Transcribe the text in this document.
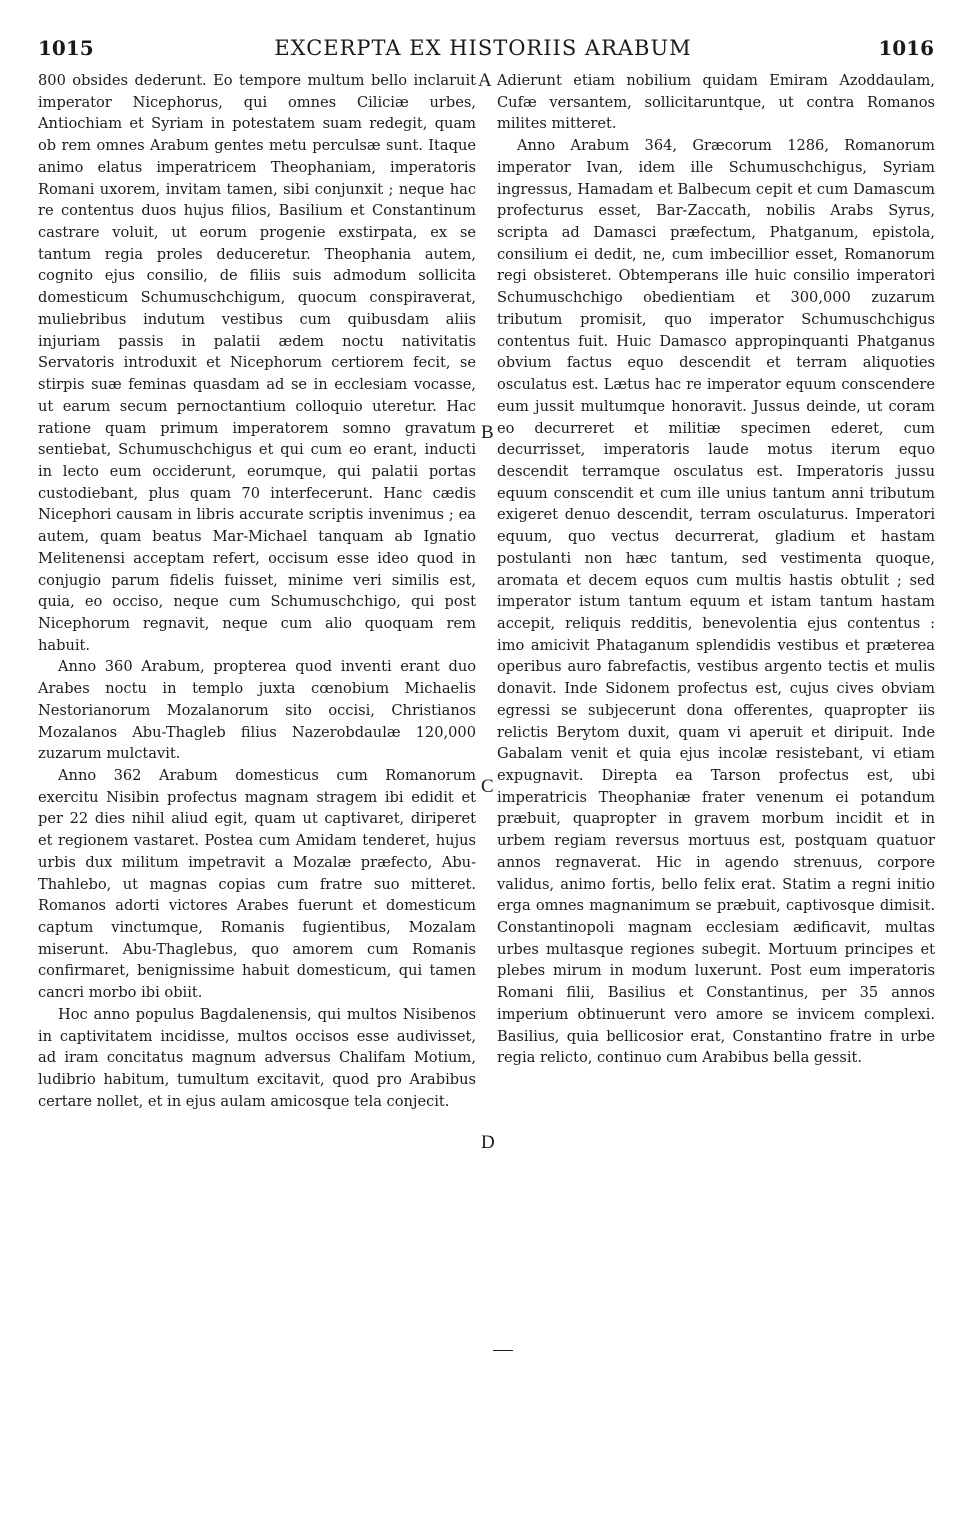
1015	EXCERPTA EX HISTORIIS ARABUM	1016

800 obsides dederunt. Eo tempore multum bello inclaruit imperator Nicephorus, qui omnes Ciliciæ urbes, Antiochiam et Syriam in potestatem suam redegit, quam ob rem omnes Arabum gentes metu perculsæ sunt. Itaque animo elatus imperatricem Theophaniam, imperatoris Romani uxorem, invitam tamen, sibi conjunxit ; neque hac re contentus duos hujus filios, Basilium et Constantinum castrare voluit, ut eorum progenie exstirpata, ex se tantum regia proles deduceretur. Theophania autem, cognito ejus consilio, de filiis suis admodum sollicita domesticum Schumuschchigum, quocum conspiraverat, muliebribus indutum vestibus cum quibusdam aliis injuriam passis in palatii ædem noctu nativitatis Servatoris introduxit et Nicephorum certiorem fecit, se stirpis suæ feminas quasdam ad se in ecclesiam vocasse, ut earum secum pernoctantium colloquio uteretur. Hac ratione quam primum imperatorem somno gravatum sentiebat, Schumuschchigus et qui cum eo erant, inducti in lecto eum occiderunt, eorumque, qui palatii portas custodiebant, plus quam 70 interfecerunt. Hanc cædis Nicephori causam in libris accurate scriptis invenimus ; ea autem, quam beatus Mar-Michael tanquam ab Ignatio Melitenensi acceptam refert, occisum esse ideo quod in conjugio parum fidelis fuisset, minime veri similis est, quia, eo occiso, neque cum Schumuschchigo, qui post Nicephorum regnavit, neque cum alio quoquam rem habuit.

Anno 360 Arabum, propterea quod inventi erant duo Arabes noctu in templo juxta cœnobium Michaelis Nestorianorum Mozalanorum sito occisi, Christianos Mozalanos Abu-Thagleb filius Nazerobdaulæ 120,000 zuzarum mulctavit.

Anno 362 Arabum domesticus cum Romanorum exercitu Nisibin profectus magnam stragem ibi edidit et per 22 dies nihil aliud egit, quam ut captivaret, diriperet et regionem vastaret. Postea cum Amidam tenderet, hujus urbis dux militum impetravit a Mozalæ præfecto, Abu-Thahlebo, ut magnas copias cum fratre suo mitteret. Romanos adorti victores Arabes fuerunt et domesticum captum vinctumque, Romanis fugientibus, Mozalam miserunt. Abu-Thaglebus, quo amorem cum Romanis confirmaret, benignissime habuit domesticum, qui tamen cancri morbo ibi obiit.

Hoc anno populus Bagdalenensis, qui multos Nisibenos in captivitatem incidisse, multos occisos esse audivisset, ad iram concitatus magnum adversus Chalifam Motium, ludibrio habitum, tumultum excitavit, quod pro Arabibus certare nollet, et in ejus aulam amicosque tela conjecit.

Adierunt etiam nobilium quidam Emiram Azoddaulam, Cufæ versantem, sollicitaruntque, ut contra Romanos milites mitteret.

Anno Arabum 364, Græcorum 1286, Romanorum imperator Ivan, idem ille Schumuschchigus, Syriam ingressus, Hamadam et Balbecum cepit et cum Damascum profecturus esset, Bar-Zaccath, nobilis Arabs Syrus, scripta ad Damasci præfectum, Phatganum, epistola, consilium ei dedit, ne, cum imbecillior esset, Romanorum regi obsisteret. Obtemperans ille huic consilio imperatori Schumuschchigo obedientiam et 300,000 zuzarum tributum promisit, quo imperator Schumuschchigus contentus fuit. Huic Damasco appropinquanti Phatganus obvium factus equo descendit et terram aliquoties osculatus est. Lætus hac re imperator equum conscendere eum jussit multumque honoravit. Jussus deinde, ut coram eo decurreret et militiæ specimen ederet, cum decurrisset, imperatoris laude motus iterum equo descendit terramque osculatus est. Imperatoris jussu equum conscendit et cum ille unius tantum anni tributum exigeret denuo descendit, terram osculaturus. Imperatori equum, quo vectus decurrerat, gladium et hastam postulanti non hæc tantum, sed vestimenta quoque, aromata et decem equos cum multis hastis obtulit ; sed imperator istum tantum equum et istam tantum hastam accepit, reliquis redditis, benevolentia ejus contentus : imo amicivit Phataganum splendidis vestibus et præterea operibus auro fabrefactis, vestibus argento tectis et mulis donavit. Inde Sidonem profectus est, cujus cives obviam egressi se subjecerunt dona offerentes, quapropter iis relictis Berytom duxit, quam vi aperuit et diripuit. Inde Gabalam venit et quia ejus incolæ resistebant, vi etiam expugnavit. Direpta ea Tarson profectus est, ubi imperatricis Theophaniæ frater venenum ei potandum præbuit, quapropter in gravem morbum incidit et in urbem regiam reversus mortuus est, postquam quatuor annos regnaverat. Hic in agendo strenuus, corpore validus, animo fortis, bello felix erat. Statim a regni initio erga omnes magnanimum se præbuit, captivosque dimisit. Constantinopoli magnam ecclesiam ædificavit, multas urbes multasque regiones subegit. Mortuum principes et plebes mirum in modum luxerunt. Post eum imperatoris Romani filii, Basilius et Constantinus, per 35 annos imperium obtinuerunt vero amore se invicem complexi. Basilius, quia bellicosior erat, Constantino fratre in urbe regia relicto, continuo cum Arabibus bella gessit.

A
B
C
D
